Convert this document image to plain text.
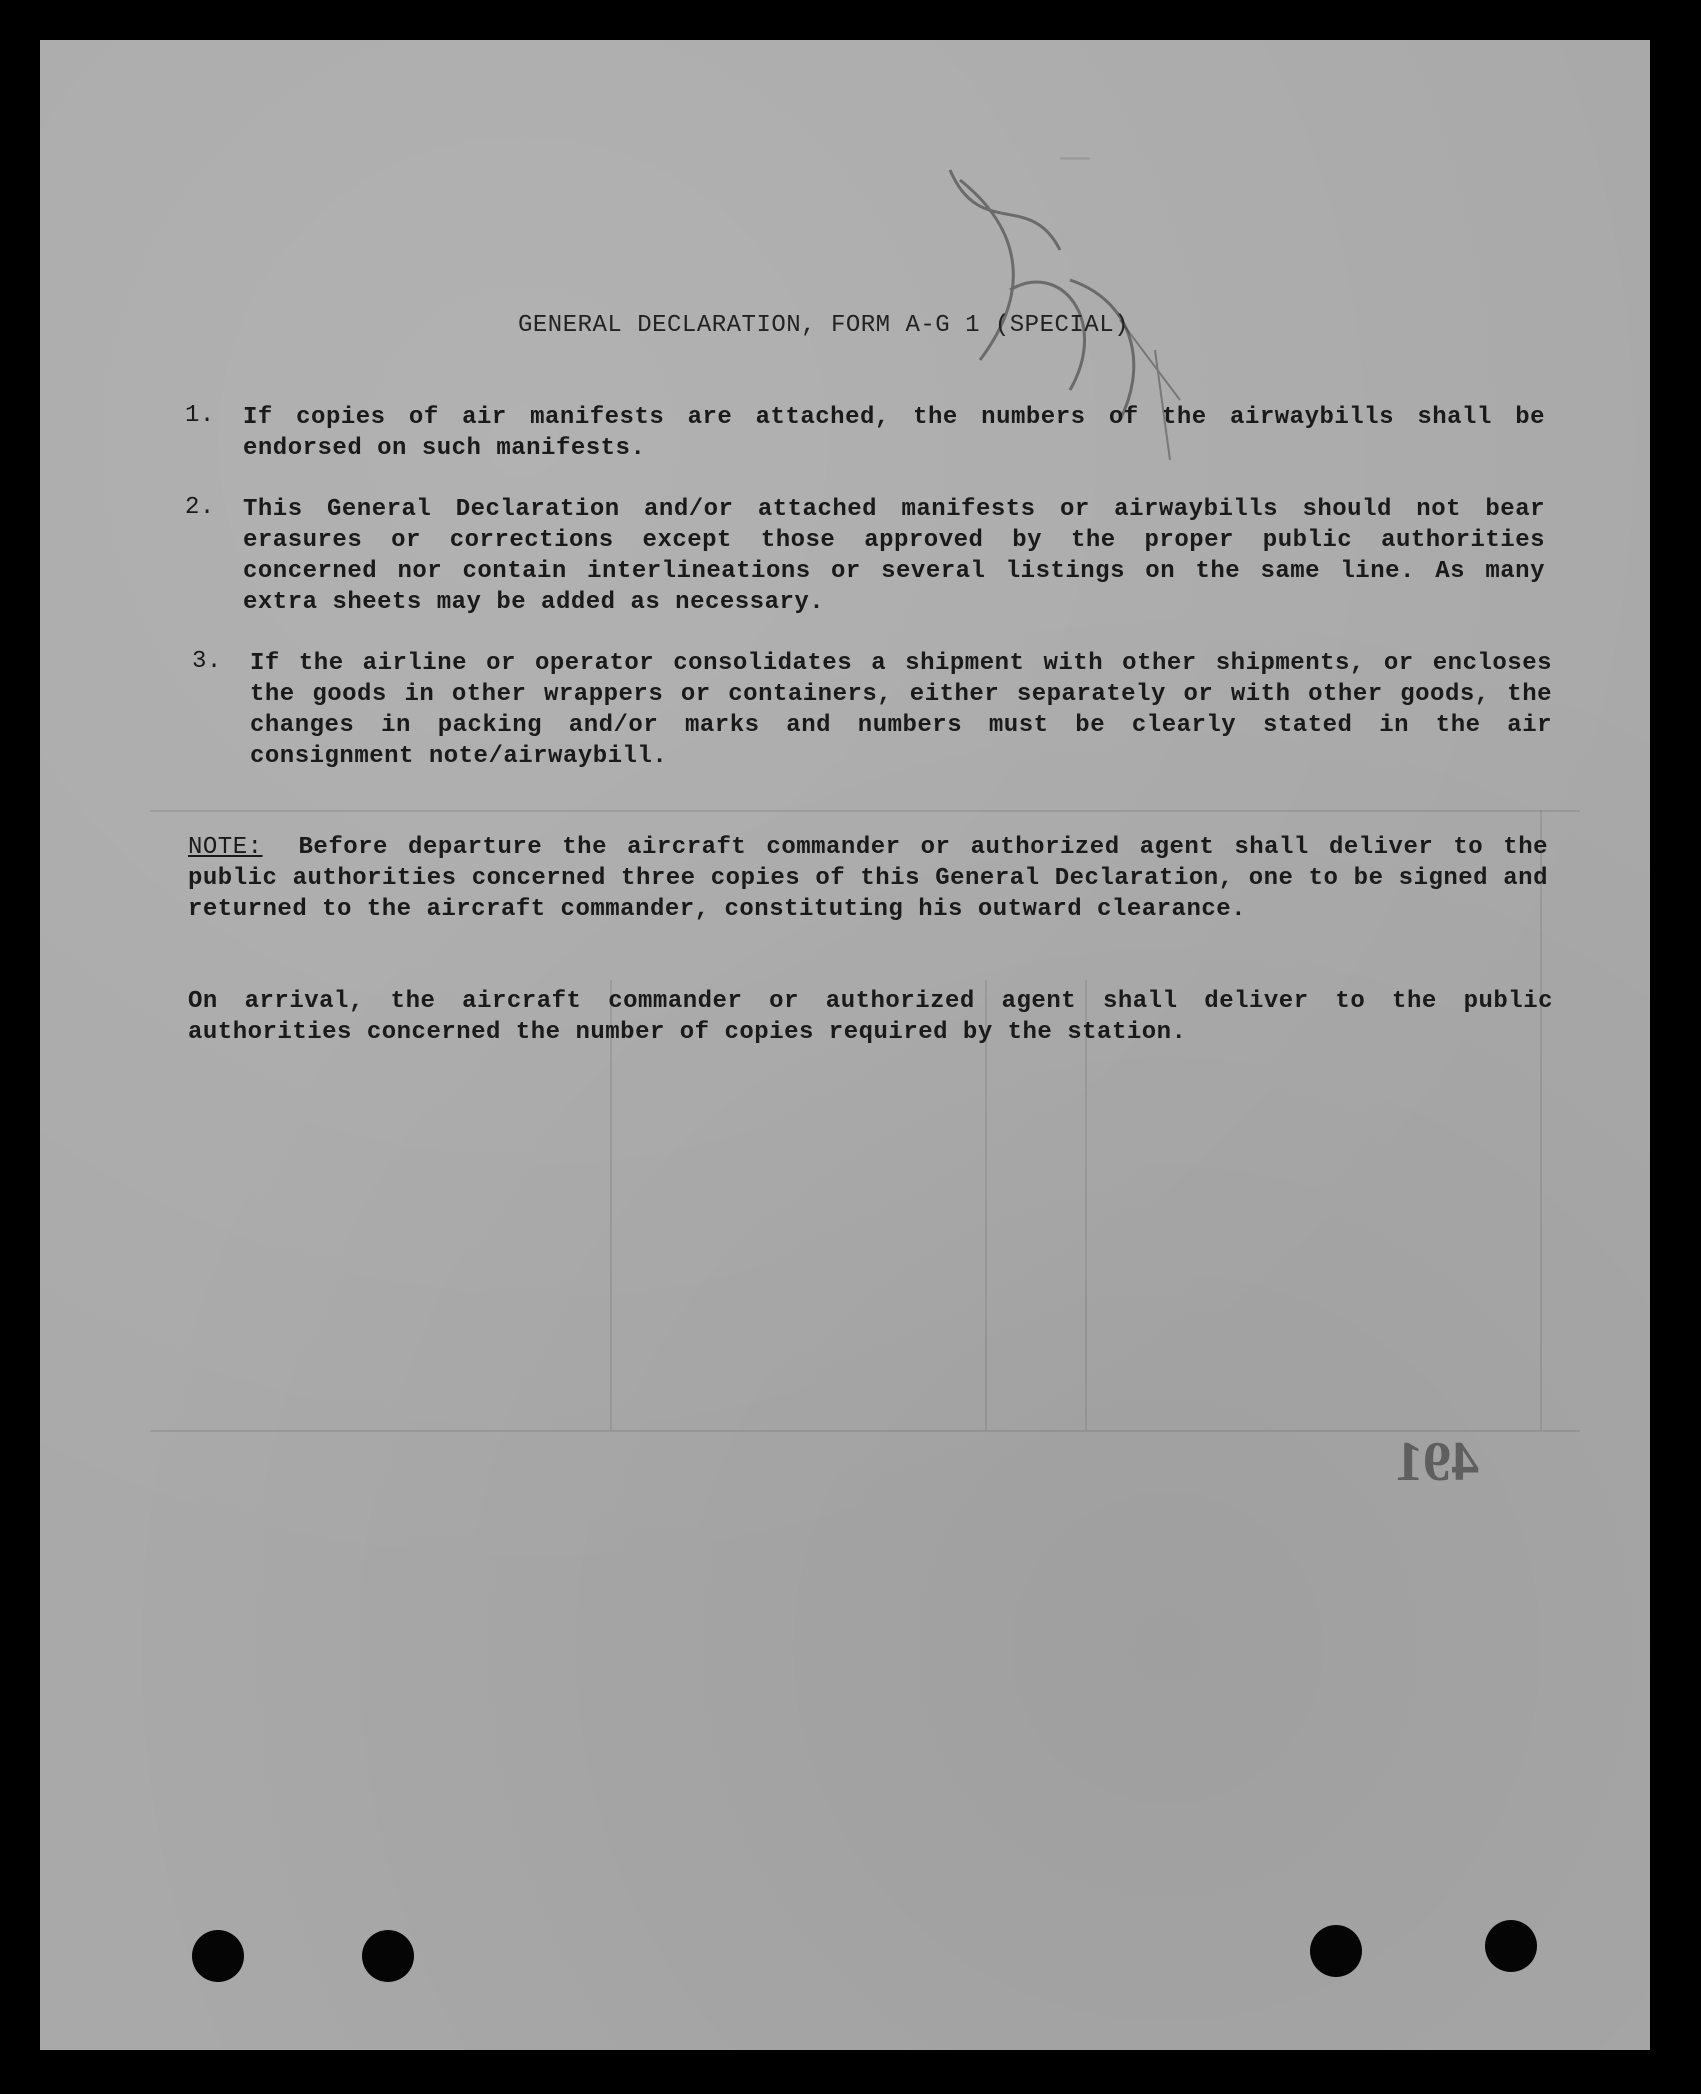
—
GENERAL DECLARATION, FORM A-G 1 (SPECIAL)
1.	If copies of air manifests are attached, the numbers of the airwaybills shall be endorsed on such manifests.
2.	This General Declaration and/or attached manifests or airwaybills should not bear erasures or corrections except those approved by the proper public authorities concerned nor contain interlineations or several listings on the same line. As many extra sheets may be added as necessary.
3.	If the airline or operator consolidates a shipment with other shipments, or encloses the goods in other wrappers or containers, either separately or with other goods, the changes in packing and/or marks and numbers must be clearly stated in the air consignment note/airwaybill.
NOTE: Before departure the aircraft commander or authorized agent shall deliver to the public authorities concerned three copies of this General Declaration, one to be signed and returned to the aircraft commander, constituting his outward clearance.
On arrival, the aircraft commander or authorized agent shall deliver to the public authorities concerned the number of copies required by the station.
491
